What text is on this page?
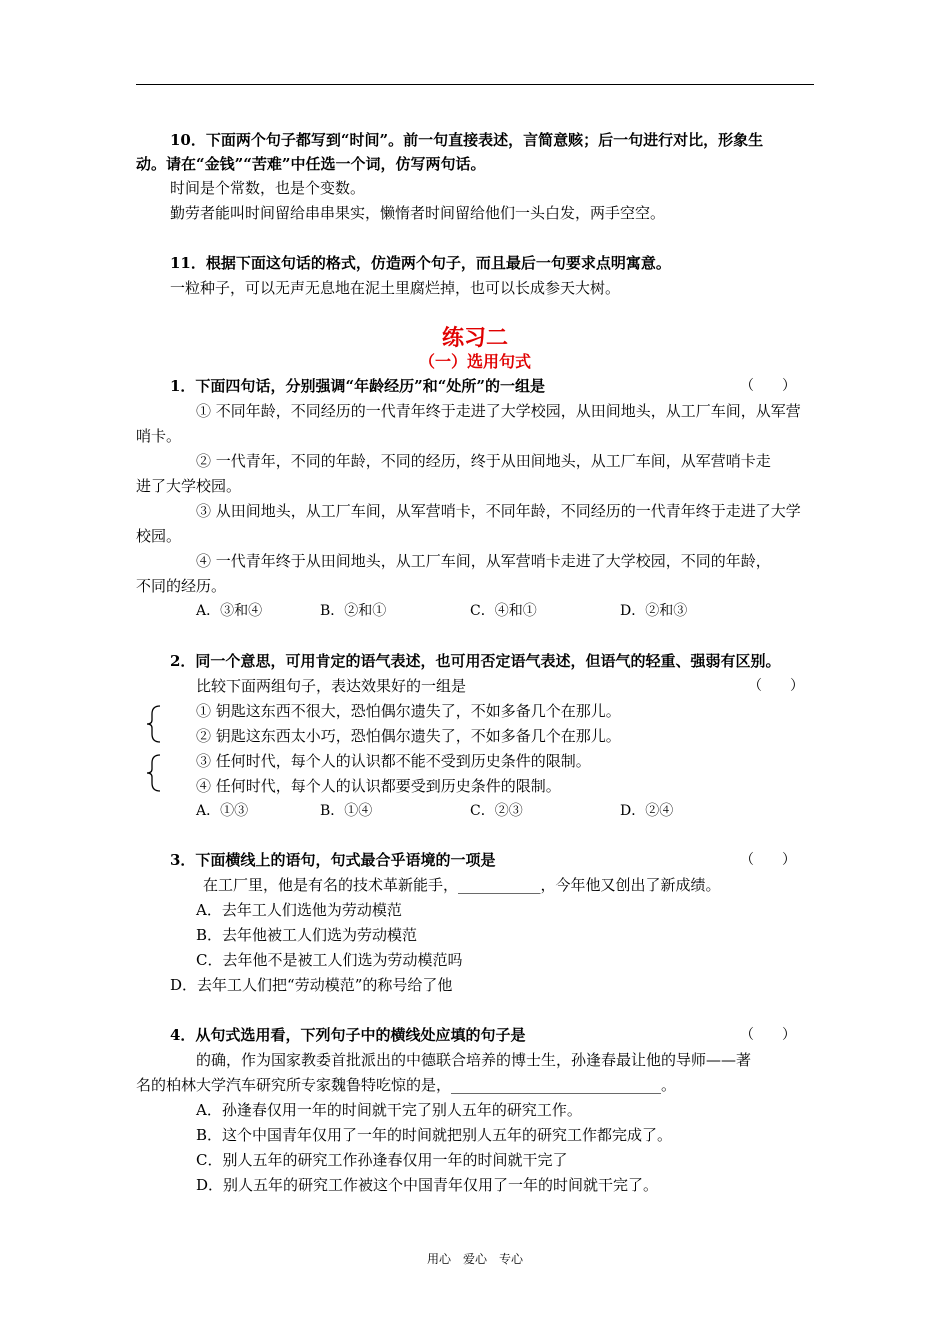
10．下面两个句子都写到“时间”。前一句直接表述，言简意赅；后一句进行对比，形象生
动。请在“金钱”“苦难”中任选一个词，仿写两句话。
时间是个常数，也是个变数。
勤劳者能叫时间留给串串果实，懒惰者时间留给他们一头白发，两手空空。
11．根据下面这句话的格式，仿造两个句子，而且最后一句要求点明寓意。
一粒种子，可以无声无息地在泥土里腐烂掉，也可以长成参天大树。
练习二
（一）选用句式
1．下面四句话，分别强调“年龄经历”和“处所”的一组是	（　　）
① 不同年龄，不同经历的一代青年终于走进了大学校园，从田间地头，从工厂车间，从军营
哨卡。
② 一代青年，不同的年龄，不同的经历，终于从田间地头，从工厂车间，从军营哨卡走
进了大学校园。
③ 从田间地头，从工厂车间，从军营哨卡，不同年龄，不同经历的一代青年终于走进了大学
校园。
④ 一代青年终于从田间地头，从工厂车间，从军营哨卡走进了大学校园，不同的年龄，
不同的经历。
A．③和④	B．②和①	C．④和①	D．②和③
2．同一个意思，可用肯定的语气表述，也可用否定语气表述，但语气的轻重、强弱有区别。
比较下面两组句子，表达效果好的一组是	（　　）
① 钥匙这东西不很大，恐怕偶尔遗失了，不如多备几个在那儿。
② 钥匙这东西太小巧，恐怕偶尔遗失了，不如多备几个在那儿。
③ 任何时代，每个人的认识都不能不受到历史条件的限制。
④ 任何时代，每个人的认识都要受到历史条件的限制。
A．①③	B．①④	C．②③	D．②④
3．下面横线上的语句，句式最合乎语境的一项是	（　　）
在工厂里，他是有名的技术革新能手，___________，今年他又创出了新成绩。
A．去年工人们选他为劳动模范
B．去年他被工人们选为劳动模范
C．去年他不是被工人们选为劳动模范吗
D．去年工人们把“劳动模范”的称号给了他
4．从句式选用看，下列句子中的横线处应填的句子是	（　　）
的确，作为国家教委首批派出的中德联合培养的博士生，孙逢春最让他的导师——著
名的柏林大学汽车研究所专家魏鲁特吃惊的是，____________________________。
A．孙逢春仅用一年的时间就干完了别人五年的研究工作。
B．这个中国青年仅用了一年的时间就把别人五年的研究工作都完成了。
C．别人五年的研究工作孙逢春仅用一年的时间就干完了
D．别人五年的研究工作被这个中国青年仅用了一年的时间就干完了。
用心　爱心　专心
